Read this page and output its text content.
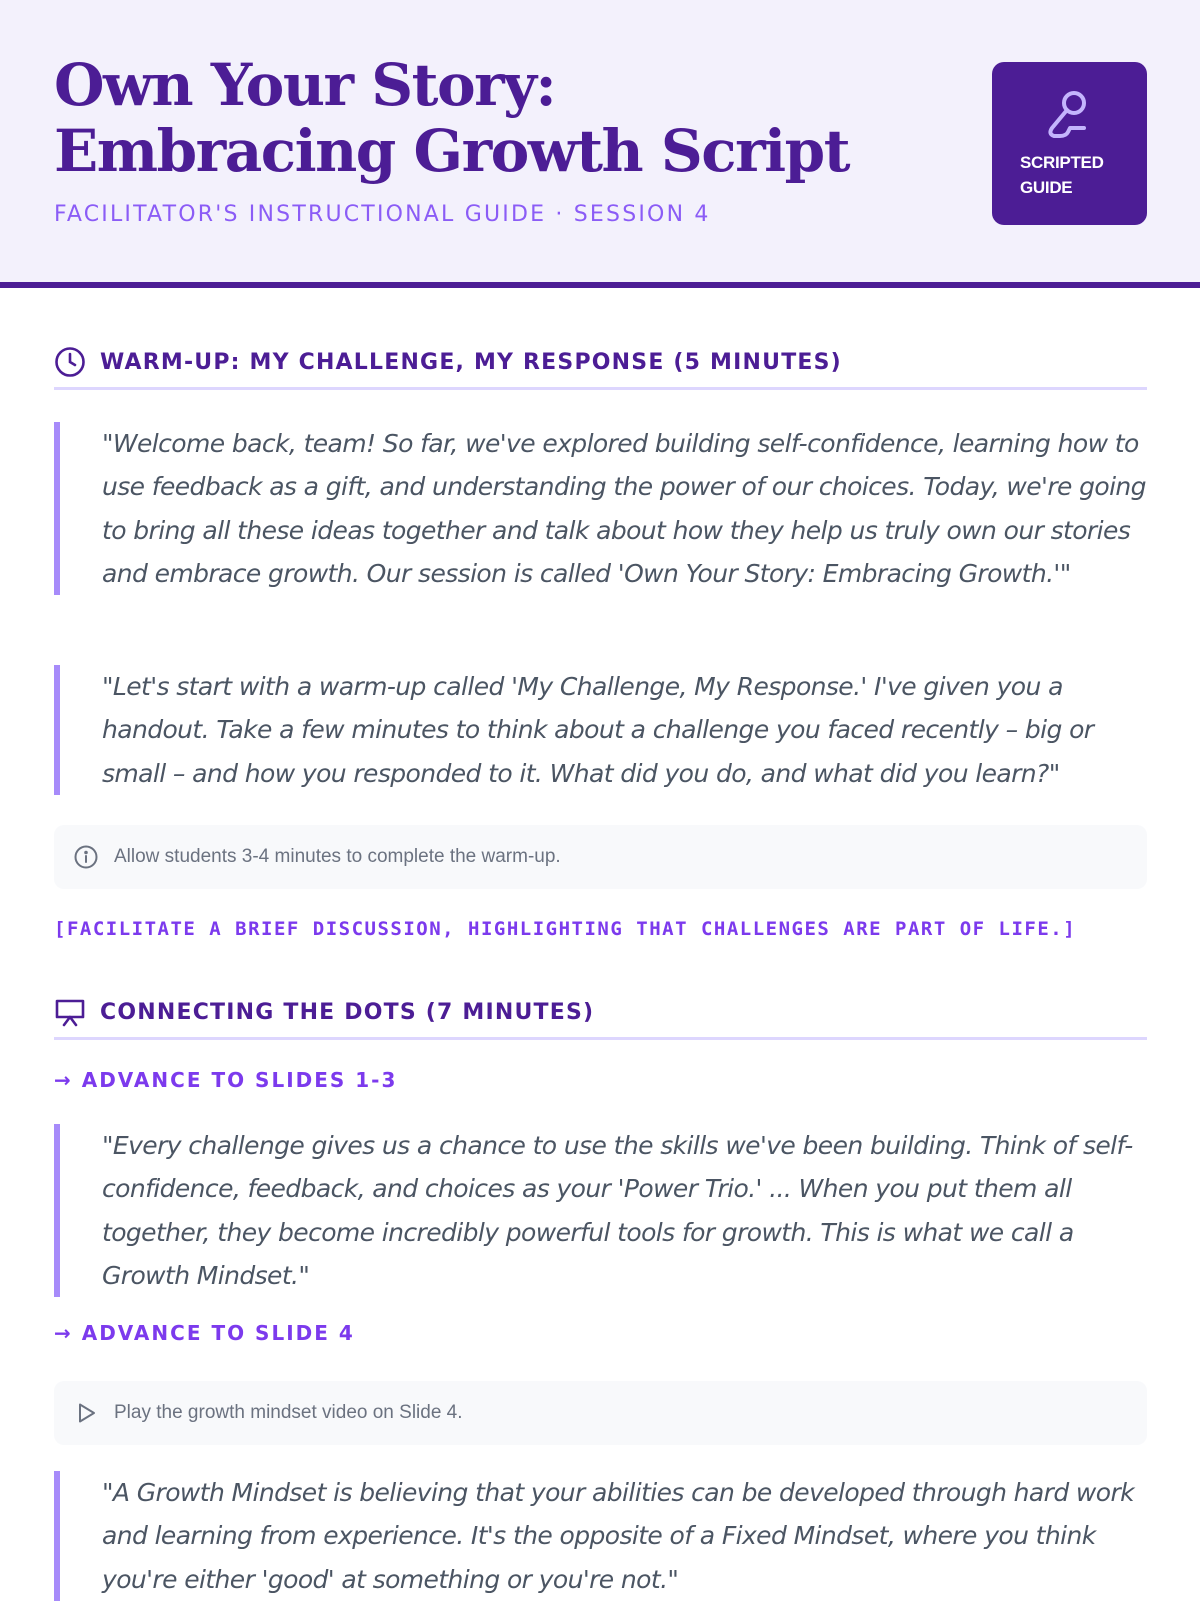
Own Your Story: Embracing Growth Script
FACILITATOR'S INSTRUCTIONAL GUIDE · SESSION 4
SCRIPTED
GUIDE
WARM-UP: MY CHALLENGE, MY RESPONSE (5 MINUTES)
"Welcome back, team! So far, we've explored building self-confidence, learning how to use feedback as a gift, and understanding the power of our choices. Today, we're going to bring all these ideas together and talk about how they help us truly own our stories and embrace growth. Our session is called 'Own Your Story: Embracing Growth.'"
"Let's start with a warm-up called 'My Challenge, My Response.' I've given you a handout. Take a few minutes to think about a challenge you faced recently – big or small – and how you responded to it. What did you do, and what did you learn?"
Allow students 3-4 minutes to complete the warm-up.
[FACILITATE A BRIEF DISCUSSION, HIGHLIGHTING THAT CHALLENGES ARE PART OF LIFE.]
CONNECTING THE DOTS (7 MINUTES)
→ ADVANCE TO SLIDES 1-3
"Every challenge gives us a chance to use the skills we've been building. Think of self-confidence, feedback, and choices as your 'Power Trio.' ... When you put them all together, they become incredibly powerful tools for growth. This is what we call a Growth Mindset."
→ ADVANCE TO SLIDE 4
Play the growth mindset video on Slide 4.
"A Growth Mindset is believing that your abilities can be developed through hard work and learning from experience. It's the opposite of a Fixed Mindset, where you think you're either 'good' at something or you're not."
